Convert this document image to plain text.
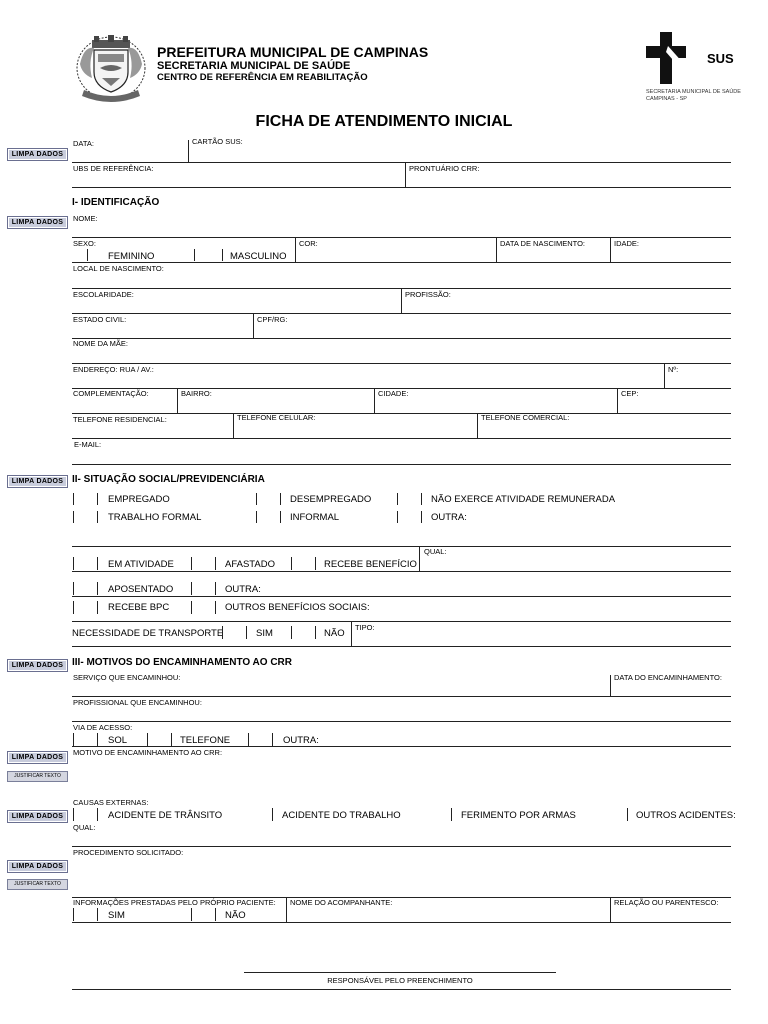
PREFEITURA MUNICIPAL DE CAMPINAS
SECRETARIA MUNICIPAL DE SAÚDE
CENTRO DE REFERÊNCIA EM REABILITAÇÃO
SUS
SECRETARIA MUNICIPAL DE SAÚDE
CAMPINAS - SP
FICHA DE ATENDIMENTO INICIAL
LIMPA DADOS
DATA:	CARTÃO SUS:
UBS DE REFERÊNCIA:	PRONTUÁRIO CRR:
I- IDENTIFICAÇÃO
LIMPA DADOS	NOME:
SEXO:
FEMININO	MASCULINO
COR:	DATA DE NASCIMENTO:	IDADE:
LOCAL DE NASCIMENTO:
ESCOLARIDADE:	PROFISSÃO:
ESTADO CIVIL:	CPF/RG:
NOME DA MÃE:
ENDEREÇO: RUA / AV.:	Nº:
COMPLEMENTAÇÃO:	BAIRRO:	CIDADE:	CEP:
TELEFONE RESIDENCIAL:	TELEFONE CELULAR:	TELEFONE COMERCIAL:
E-MAIL:
LIMPA DADOS II- SITUAÇÃO SOCIAL/PREVIDENCIÁRIA
EMPREGADO	DESEMPREGADO	NÃO EXERCE ATIVIDADE REMUNERADA
TRABALHO FORMAL	INFORMAL	OUTRA:
QUAL:
EM ATIVIDADE	AFASTADO	RECEBE BENEFÍCIO
APOSENTADO	OUTRA:
RECEBE BPC	OUTROS BENEFÍCIOS SOCIAIS:
NECESSIDADE DE TRANSPORTE	SIM	NÃO
TIPO:
LIMPA DADOS III- MOTIVOS DO ENCAMINHAMENTO AO CRR
SERVIÇO QUE ENCAMINHOU:	DATA DO ENCAMINHAMENTO:
PROFISSIONAL QUE ENCAMINHOU:
VIA DE ACESSO:
SOL	TELEFONE	OUTRA:
LIMPA DADOS
MOTIVO DE ENCAMINHAMENTO AO CRR:
JUSTIFICAR TEXTO
CAUSAS EXTERNAS:
LIMPA DADOS	ACIDENTE DE TRÂNSITO	ACIDENTE DO TRABALHO	FERIMENTO POR ARMAS	OUTROS ACIDENTES:
QUAL:
PROCEDIMENTO SOLICITADO:
LIMPA DADOS
JUSTIFICAR TEXTO
INFORMAÇÕES PRESTADAS PELO PRÓPRIO PACIENTE:
SIM	NÃO
NOME DO ACOMPANHANTE:	RELAÇÃO OU PARENTESCO:
RESPONSÁVEL PELO PREENCHIMENTO
